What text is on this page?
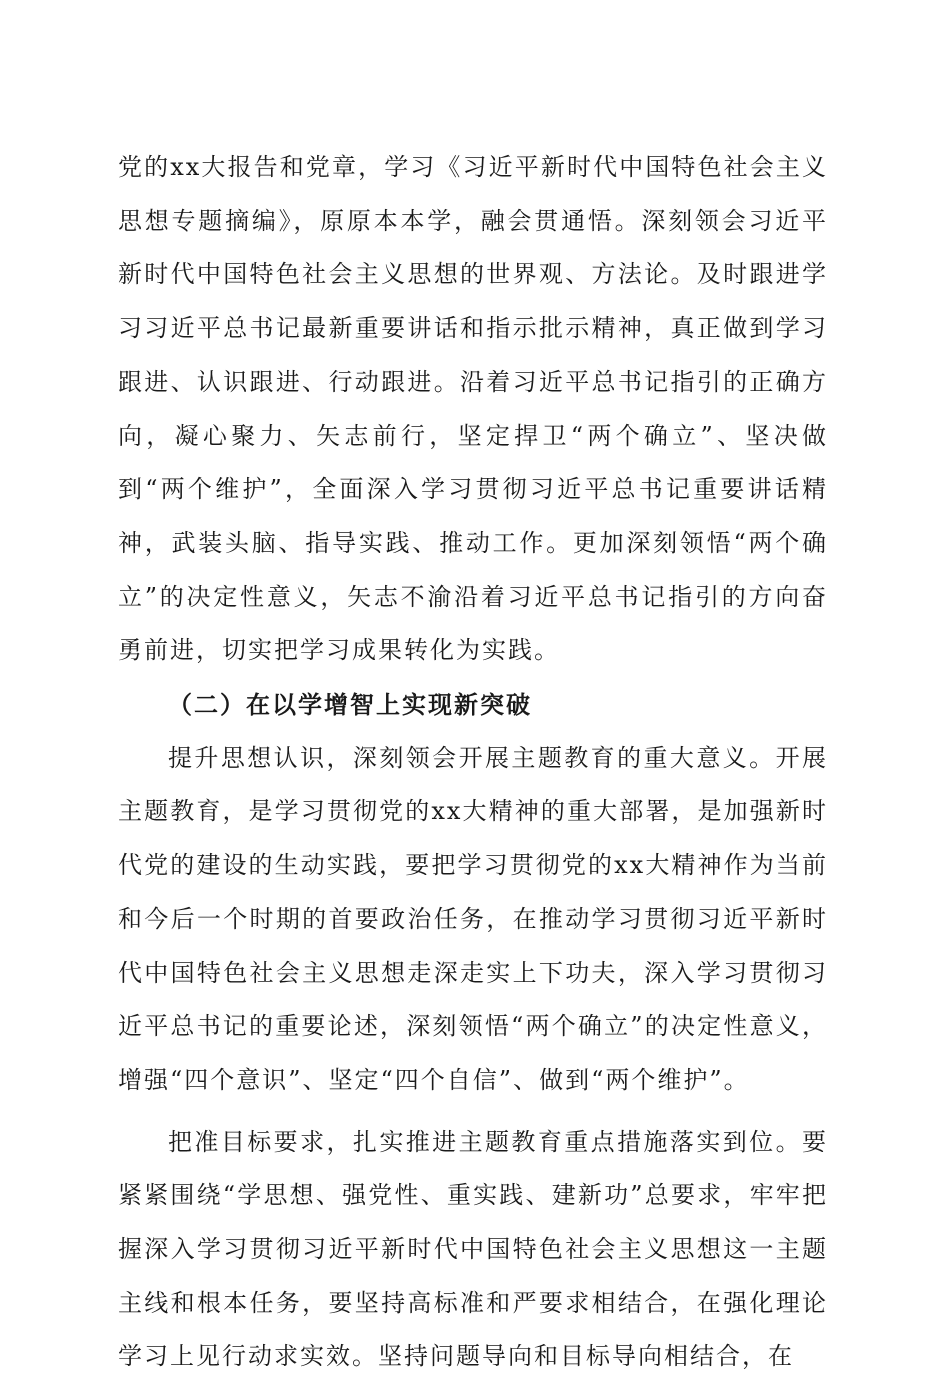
党的xx大报告和党章，学习《习近平新时代中国特色社会主义思想专题摘编》，原原本本学，融会贯通悟。深刻领会习近平新时代中国特色社会主义思想的世界观、方法论。及时跟进学习习近平总书记最新重要讲话和指示批示精神，真正做到学习跟进、认识跟进、行动跟进。沿着习近平总书记指引的正确方向，凝心聚力、矢志前行，坚定捍卫“两个确立”、坚决做到“两个维护”，全面深入学习贯彻习近平总书记重要讲话精神，武装头脑、指导实践、推动工作。更加深刻领悟“两个确立”的决定性意义，矢志不渝沿着习近平总书记指引的方向奋勇前进，切实把学习成果转化为实践。

（二）在以学增智上实现新突破

提升思想认识，深刻领会开展主题教育的重大意义。开展主题教育，是学习贯彻党的xx大精神的重大部署，是加强新时代党的建设的生动实践，要把学习贯彻党的xx大精神作为当前和今后一个时期的首要政治任务，在推动学习贯彻习近平新时代中国特色社会主义思想走深走实上下功夫，深入学习贯彻习近平总书记的重要论述，深刻领悟“两个确立”的决定性意义，增强“四个意识”、坚定“四个自信”、做到“两个维护”。

把准目标要求，扎实推进主题教育重点措施落实到位。要紧紧围绕“学思想、强党性、重实践、建新功”总要求，牢牢把握深入学习贯彻习近平新时代中国特色社会主义思想这一主题主线和根本任务，要坚持高标准和严要求相结合，在强化理论学习上见行动求实效。坚持问题导向和目标导向相结合，在
